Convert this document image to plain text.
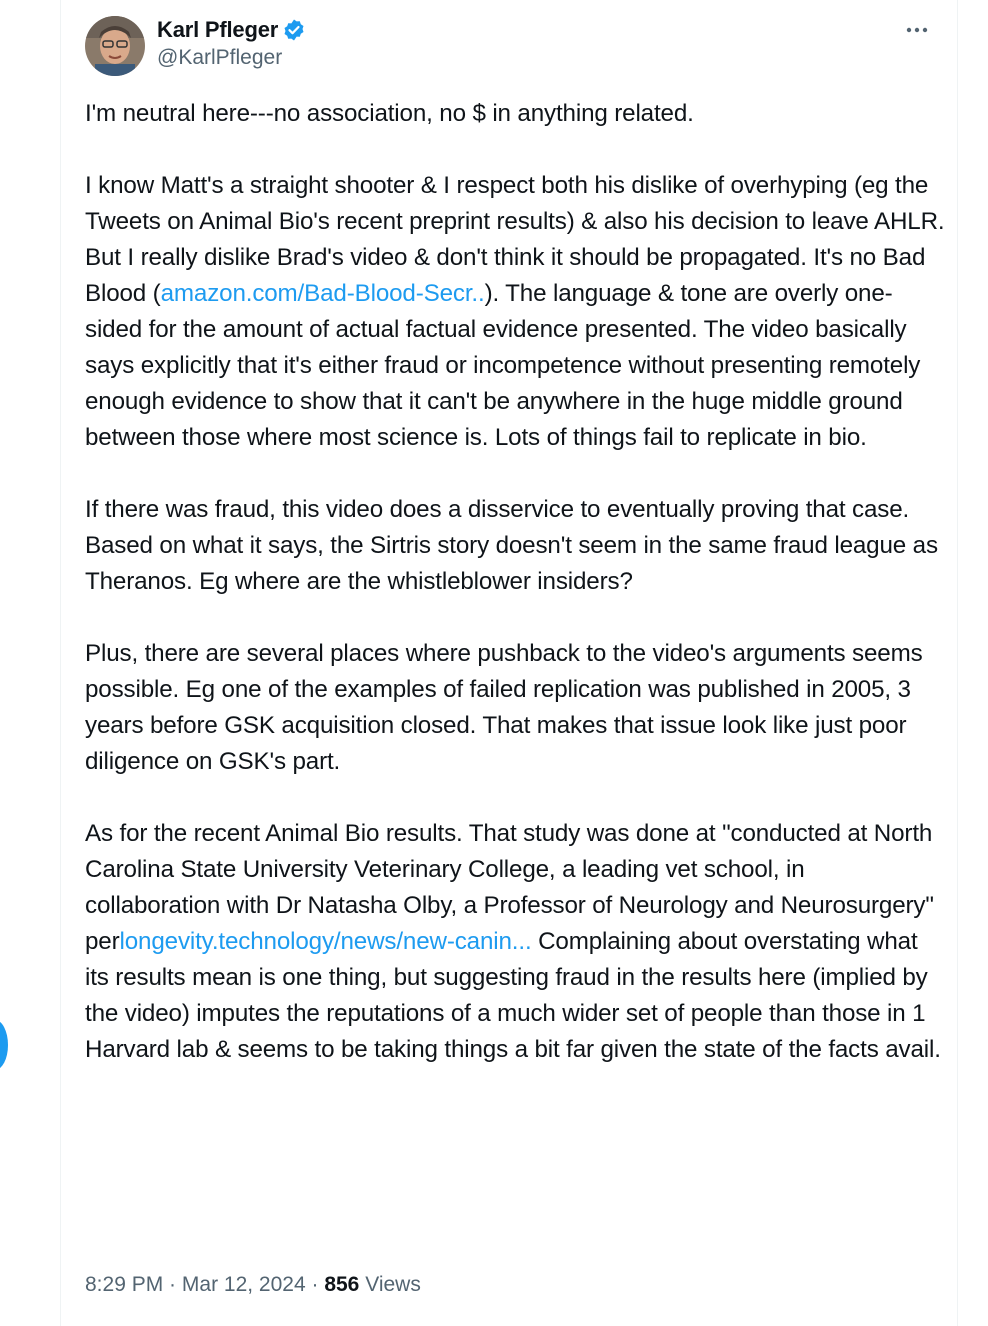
Karl Pfleger
@KarlPfleger

I'm neutral here---no association, no $ in anything related.

I know Matt's a straight shooter & I respect both his dislike of overhyping (eg the Tweets on Animal Bio's recent preprint results) & also his decision to leave AHLR. But I really dislike Brad's video & don't think it should be propagated. It's no Bad Blood (amazon.com/Bad-Blood-Secr..). The language & tone are overly one-sided for the amount of actual factual evidence presented. The video basically says explicitly that it's either fraud or incompetence without presenting remotely enough evidence to show that it can't be anywhere in the huge middle ground between those where most science is. Lots of things fail to replicate in bio.

If there was fraud, this video does a disservice to eventually proving that case. Based on what it says, the Sirtris story doesn't seem in the same fraud league as Theranos. Eg where are the whistleblower insiders?

Plus, there are several places where pushback to the video's arguments seems possible. Eg one of the examples of failed replication was published in 2005, 3 years before GSK acquisition closed. That makes that issue look like just poor diligence on GSK's part.

As for the recent Animal Bio results. That study was done at "conducted at North Carolina State University Veterinary College, a leading vet school, in collaboration with Dr Natasha Olby, a Professor of Neurology and Neurosurgery" perlongevity.technology/news/new-canin... Complaining about overstating what its results mean is one thing, but suggesting fraud in the results here (implied by the video) imputes the reputations of a much wider set of people than those in 1 Harvard lab & seems to be taking things a bit far given the state of the facts avail.

8:29 PM · Mar 12, 2024 · 856 Views
